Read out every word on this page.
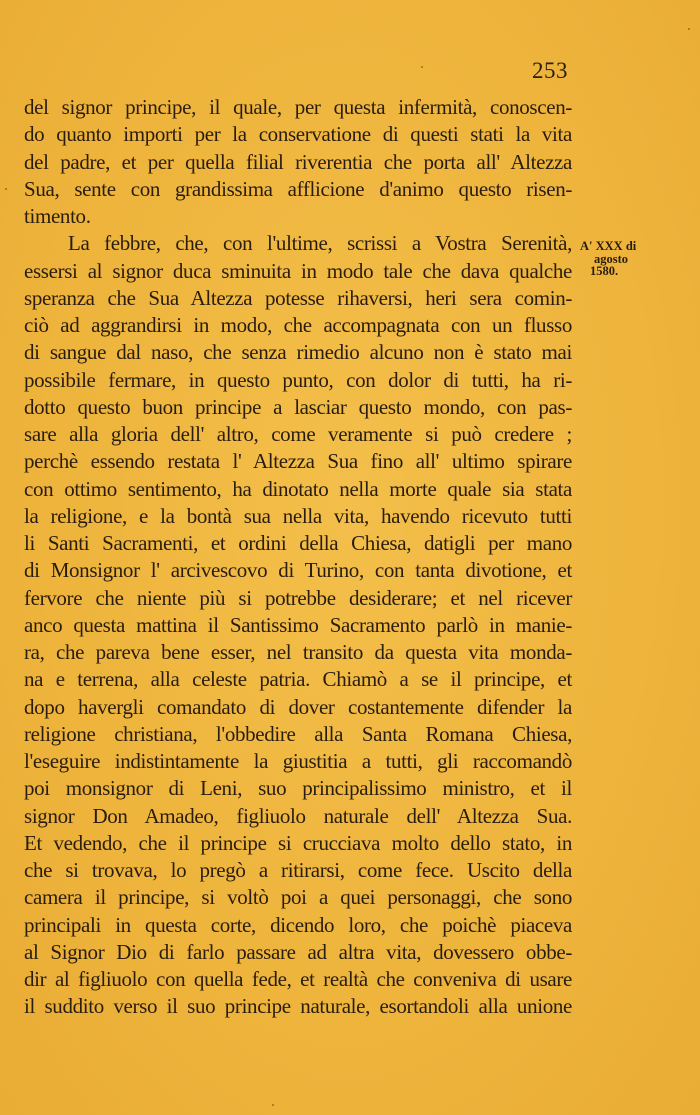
253
del signor principe, il quale, per questa infermità, conoscen-
do quanto importi per la conservatione di questi stati la vita
del padre, et per quella filial riverentia che porta all' Altezza
Sua, sente con grandissima afflicione d'animo questo risen-
timento.
La febbre, che, con l'ultime, scrissi a Vostra Serenità,
essersi al signor duca sminuita in modo tale che dava qualche
speranza che Sua Altezza potesse rihaversi, heri sera comin-
ciò ad aggrandirsi in modo, che accompagnata con un flusso
di sangue dal naso, che senza rimedio alcuno non è stato mai
possibile fermare, in questo punto, con dolor di tutti, ha ri-
dotto questo buon principe a lasciar questo mondo, con pas-
sare alla gloria dell' altro, come veramente si può credere ;
perchè essendo restata l' Altezza Sua fino all' ultimo spirare
con ottimo sentimento, ha dinotato nella morte quale sia stata
la religione, e la bontà sua nella vita, havendo ricevuto tutti
li Santi Sacramenti, et ordini della Chiesa, datigli per mano
di Monsignor l' arcivescovo di Turino, con tanta divotione, et
fervore che niente più si potrebbe desiderare; et nel ricever
anco questa mattina il Santissimo Sacramento parlò in manie-
ra, che pareva bene esser, nel transito da questa vita monda-
na e terrena, alla celeste patria. Chiamò a se il principe, et
dopo havergli comandato di dover costantemente difender la
religione christiana, l'obbedire alla Santa Romana Chiesa,
l'eseguire indistintamente la giustitia a tutti, gli raccomandò
poi monsignor di Leni, suo principalissimo ministro, et il
signor Don Amadeo, figliuolo naturale dell' Altezza Sua.
Et vedendo, che il principe si crucciava molto dello stato, in
che si trovava, lo pregò a ritirarsi, come fece. Uscito della
camera il principe, si voltò poi a quei personaggi, che sono
principali in questa corte, dicendo loro, che poichè piaceva
al Signor Dio di farlo passare ad altra vita, dovessero obbe-
dir al figliuolo con quella fede, et realtà che conveniva di usare
il suddito verso il suo principe naturale, esortandoli alla unione
A' XXX di
agosto
1580.
